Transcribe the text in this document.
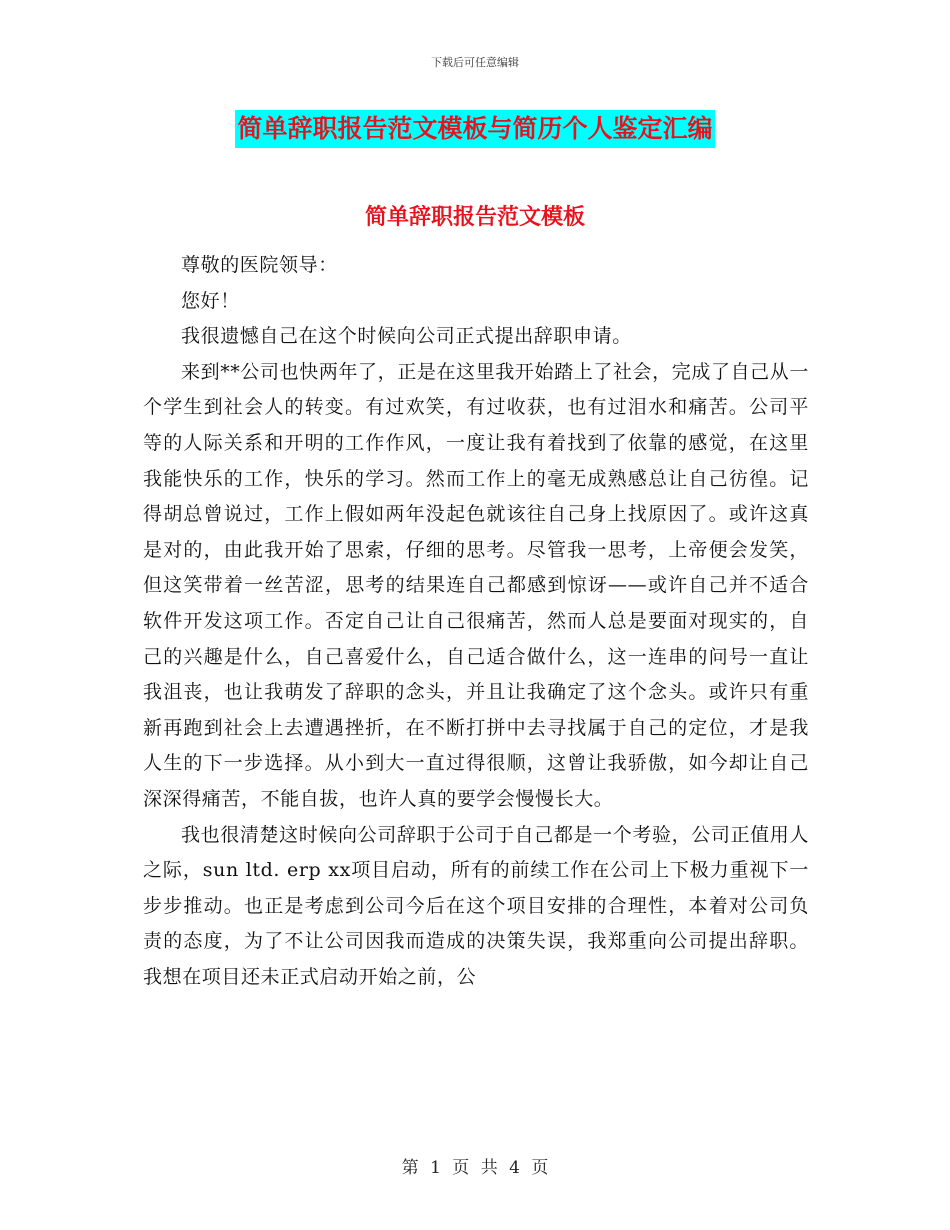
下载后可任意编辑
简单辞职报告范文模板与简历个人鉴定汇编
简单辞职报告范文模板

尊敬的医院领导：

您好！

我很遗憾自己在这个时候向公司正式提出辞职申请。

来到**公司也快两年了，正是在这里我开始踏上了社会，完成了自己从一个学生到社会人的转变。有过欢笑，有过收获，也有过泪水和痛苦。公司平等的人际关系和开明的工作作风，一度让我有着找到了依靠的感觉，在这里我能快乐的工作，快乐的学习。然而工作上的毫无成熟感总让自己彷徨。记得胡总曾说过，工作上假如两年没起色就该往自己身上找原因了。或许这真是对的，由此我开始了思索，仔细的思考。尽管我一思考，上帝便会发笑，但这笑带着一丝苦涩，思考的结果连自己都感到惊讶——或许自己并不适合软件开发这项工作。否定自己让自己很痛苦，然而人总是要面对现实的，自己的兴趣是什么，自己喜爱什么，自己适合做什么，这一连串的问号一直让我沮丧，也让我萌发了辞职的念头，并且让我确定了这个念头。或许只有重新再跑到社会上去遭遇挫折，在不断打拼中去寻找属于自己的定位，才是我人生的下一步选择。从小到大一直过得很顺，这曾让我骄傲，如今却让自己深深得痛苦，不能自拔，也许人真的要学会慢慢长大。

我也很清楚这时候向公司辞职于公司于自己都是一个考验，公司正值用人之际，sun ltd. erp xx项目启动，所有的前续工作在公司上下极力重视下一步步推动。也正是考虑到公司今后在这个项目安排的合理性，本着对公司负责的态度，为了不让公司因我而造成的决策失误，我郑重向公司提出辞职。我想在项目还未正式启动开始之前，公

第 1 页 共 4 页
